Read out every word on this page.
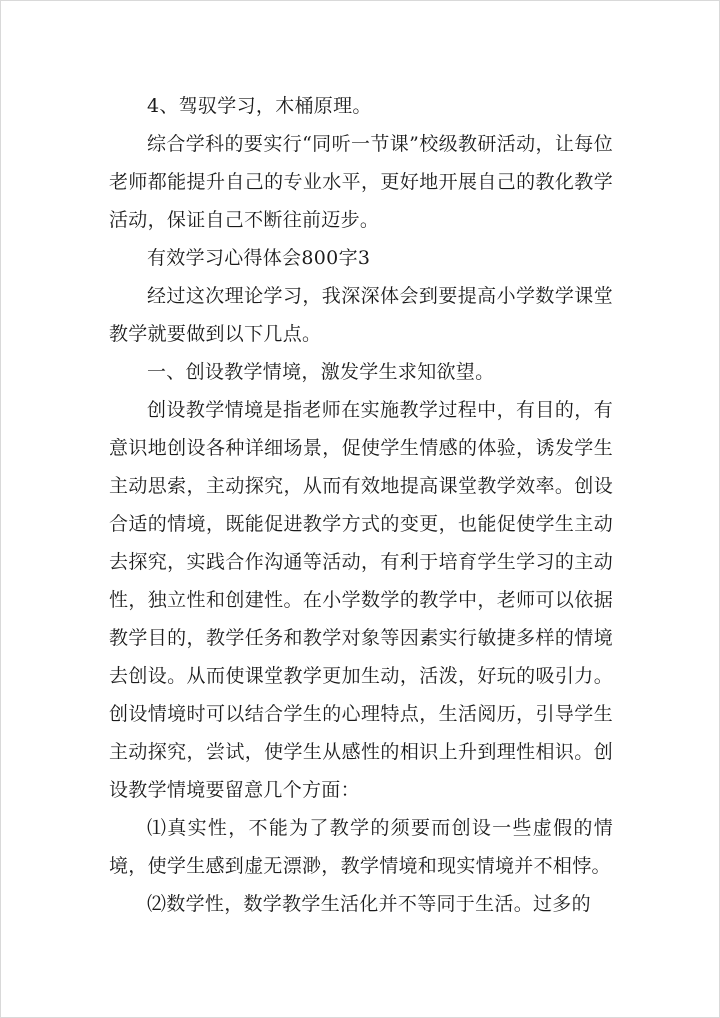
4、驾驭学习，木桶原理。

综合学科的要实行“同听一节课”校级教研活动，让每位老师都能提升自己的专业水平，更好地开展自己的教化教学活动，保证自己不断往前迈步。

有效学习心得体会800字3

经过这次理论学习，我深深体会到要提高小学数学课堂教学就要做到以下几点。

一、创设教学情境，激发学生求知欲望。

创设教学情境是指老师在实施教学过程中，有目的，有意识地创设各种详细场景，促使学生情感的体验，诱发学生主动思索，主动探究，从而有效地提高课堂教学效率。创设合适的情境，既能促进教学方式的变更，也能促使学生主动去探究，实践合作沟通等活动，有利于培育学生学习的主动性，独立性和创建性。在小学数学的教学中，老师可以依据教学目的，教学任务和教学对象等因素实行敏捷多样的情境去创设。从而使课堂教学更加生动，活泼，好玩的吸引力。创设情境时可以结合学生的心理特点，生活阅历，引导学生主动探究，尝试，使学生从感性的相识上升到理性相识。创设教学情境要留意几个方面：

⑴真实性，不能为了教学的须要而创设一些虚假的情境，使学生感到虚无漂渺，教学情境和现实情境并不相悖。

⑵数学性，数学教学生活化并不等同于生活。过多的
